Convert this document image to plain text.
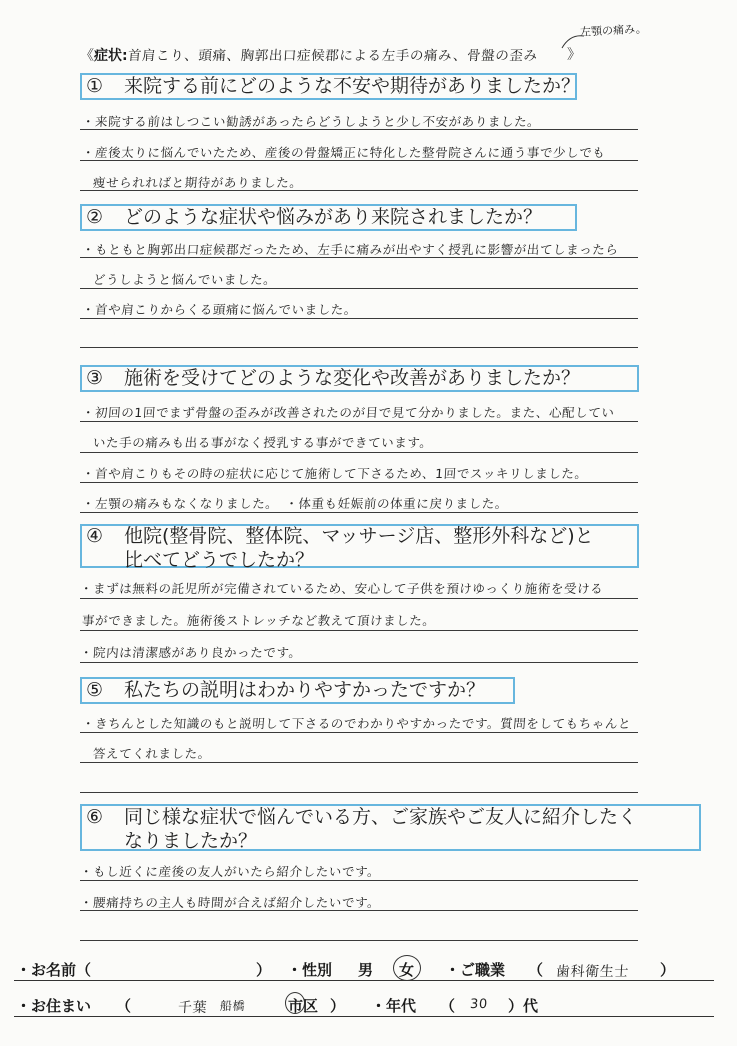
《症状:首肩こり、頭痛、胸郭出口症候郡による左手の痛み、骨盤の歪み 》
左顎の痛み。
① 来院する前にどのような不安や期待がありましたか？
・来院する前はしつこい勧誘があったらどうしようと少し不安がありました。
・産後太りに悩んでいたため、産後の骨盤矯正に特化した整骨院さんに通う事で少しでも
痩せられればと期待がありました。
② どのような症状や悩みがあり来院されましたか？
・もともと胸郭出口症候郡だったため、左手に痛みが出やすく授乳に影響が出てしまったら
どうしようと悩んでいました。
・首や肩こりからくる頭痛に悩んでいました。
③ 施術を受けてどのような変化や改善がありましたか？
・初回の1回でまず骨盤の歪みが改善されたのが目で見て分かりました。また、心配してい
いた手の痛みも出る事がなく授乳する事ができています。
・首や肩こりもその時の症状に応じて施術して下さるため、1回でスッキリしました。
・左顎の痛みもなくなりました。　・体重も妊娠前の体重に戻りました。
④ 他院(整骨院、整体院、マッサージ店、整形外科など)と
比べてどうでしたか？
・まずは無料の託児所が完備されているため、安心して子供を預けゆっくり施術を受ける
事ができました。施術後ストレッチなど教えて頂けました。
・院内は清潔感があり良かったです。
⑤ 私たちの説明はわかりやすかったですか？
・きちんとした知識のもと説明して下さるのでわかりやすかったです。質問をしてもちゃんと
答えてくれました。
⑥ 同じ様な症状で悩んでいる方、ご家族やご友人に紹介したく
なりましたか？
・もし近くに産後の友人がいたら紹介したいです。
・腰痛持ちの主人も時間が合えば紹介したいです。
・お名前（	） ・性別 男 女 ・ご職業 （ 歯科衛生士 ）
・お住まい （	千葉 船橋	市区 ） ・年代 （ 30 ）代
